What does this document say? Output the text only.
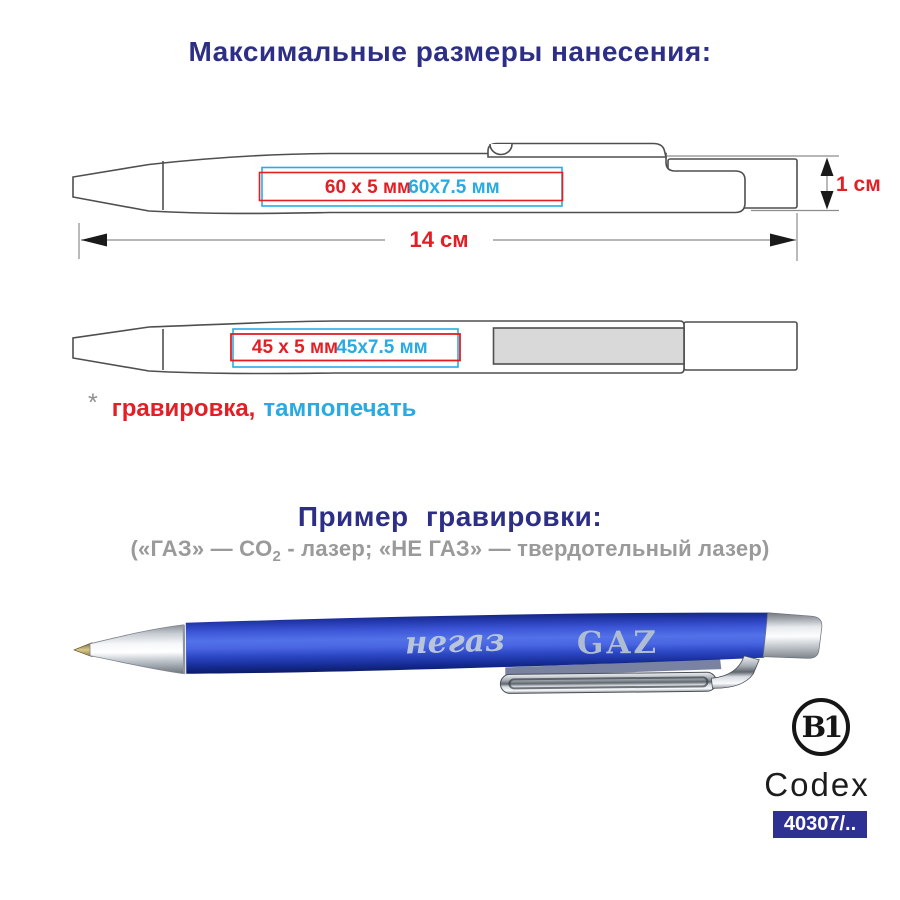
Максимальные размеры нанесения:
негаз GAZ
60 x 5 мм
60x7.5 мм
14 см
1 см
45 x 5 мм
45x7.5 мм
* гравировка, тампопечать
Пример гравировки:
(«ГАЗ» — $CO_2$ - лазер; «НЕ ГАЗ» — твердотельный лазер)
B1
Codex
40307/..
